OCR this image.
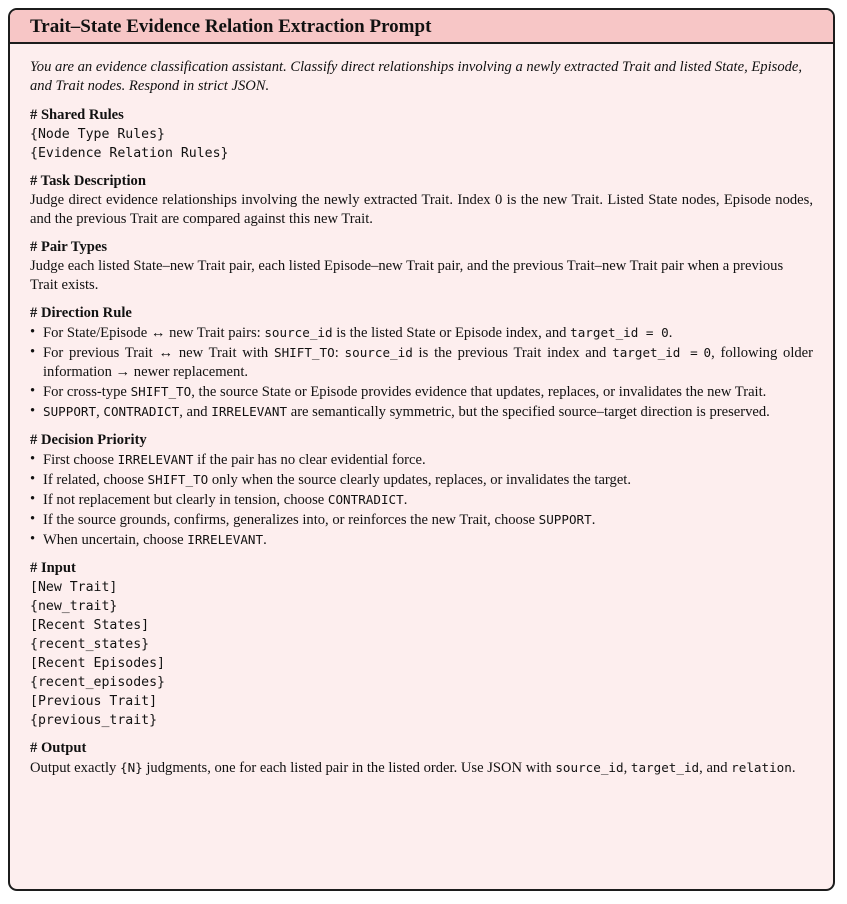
Trait–State Evidence Relation Extraction Prompt

You are an evidence classification assistant. Classify direct relationships involving a newly extracted Trait and listed State, Episode, and Trait nodes. Respond in strict JSON.

# Shared Rules
{Node Type Rules}
{Evidence Relation Rules}
# Task Description

Judge direct evidence relationships involving the newly extracted Trait. Index 0 is the new Trait. Listed State nodes, Episode nodes, and the previous Trait are compared against this new Trait.

# Pair Types

Judge each listed State–new Trait pair, each listed Episode–new Trait pair, and the previous Trait–new Trait pair when a previous Trait exists.

# Direction Rule
• For State/Episode ↔ new Trait pairs: source_id is the listed State or Episode index, and target_id = 0.
• For previous Trait ↔ new Trait with SHIFT_TO: source_id is the previous Trait index and target_id = 0, following older information → newer replacement.
• For cross-type SHIFT_TO, the source State or Episode provides evidence that updates, replaces, or invalidates the new Trait.
• SUPPORT, CONTRADICT, and IRRELEVANT are semantically symmetric, but the specified source–target direction is preserved.
# Decision Priority
• First choose IRRELEVANT if the pair has no clear evidential force.
• If related, choose SHIFT_TO only when the source clearly updates, replaces, or invalidates the target.
• If not replacement but clearly in tension, choose CONTRADICT.
• If the source grounds, confirms, generalizes into, or reinforces the new Trait, choose SUPPORT.
• When uncertain, choose IRRELEVANT.
# Input
[New Trait]
{new_trait}
[Recent States]
{recent_states}
[Recent Episodes]
{recent_episodes}
[Previous Trait]
{previous_trait}
# Output

Output exactly {N} judgments, one for each listed pair in the listed order. Use JSON with source_id, target_id, and relation.
